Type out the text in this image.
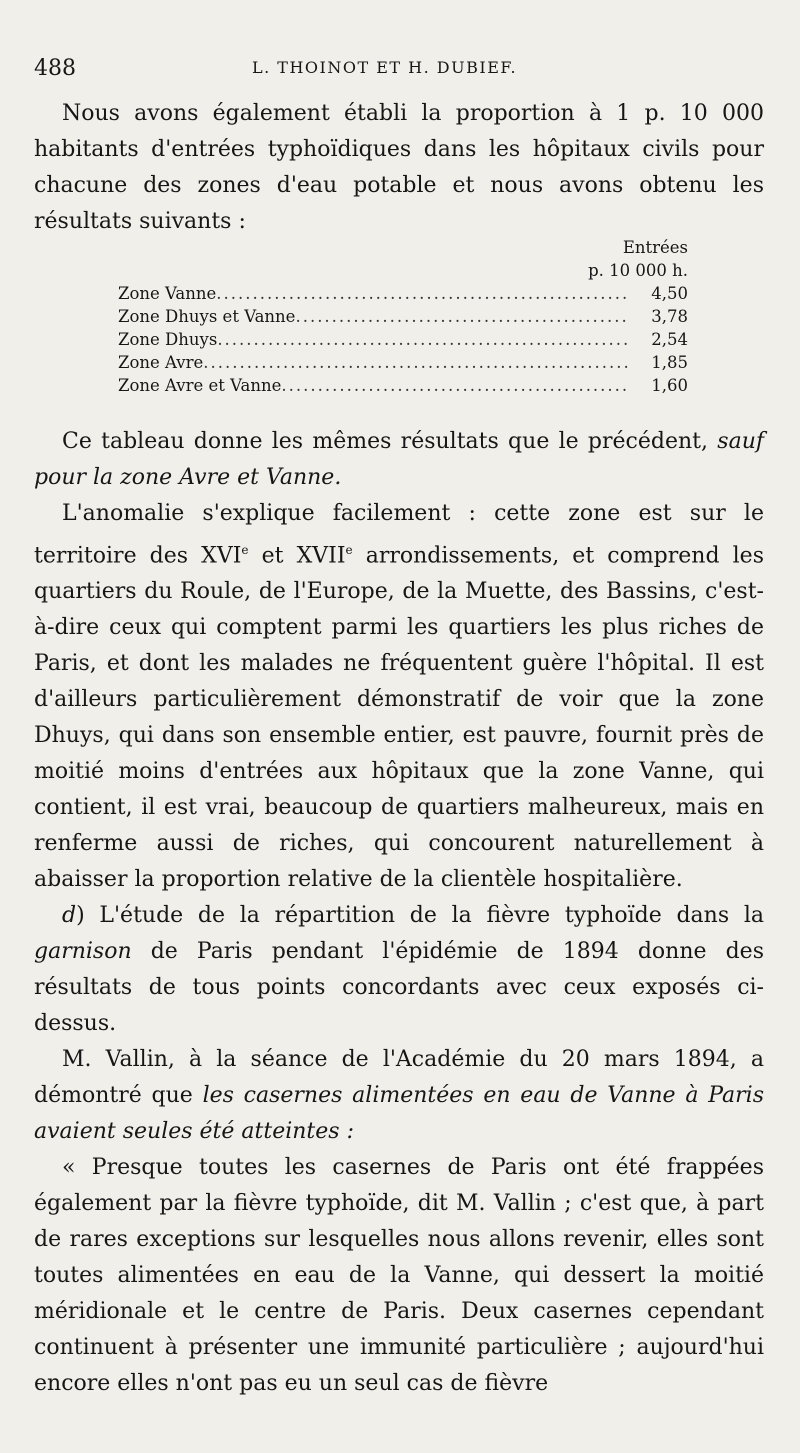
488	L. THOINOT ET H. DUBIEF.

Nous avons également établi la proportion à 1 p. 10 000 habitants d'entrées typhoïdiques dans les hôpitaux civils pour chacune des zones d'eau potable et nous avons obtenu les résultats suivants :

Entrées
p. 10 000 h.
Zone Vanne .....	4,50
Zone Dhuys et Vanne .....	3,78
Zone Dhuys .....	2,54
Zone Avre .....	1,85
Zone Avre et Vanne .....	1,60

Ce tableau donne les mêmes résultats que le précédent, sauf pour la zone Avre et Vanne.

L'anomalie s'explique facilement : cette zone est sur le territoire des XVIe et XVIIe arrondissements, et comprend les quartiers du Roule, de l'Europe, de la Muette, des Bassins, c'est-à-dire ceux qui comptent parmi les quartiers les plus riches de Paris, et dont les malades ne fréquentent guère l'hôpital. Il est d'ailleurs particulièrement démonstratif de voir que la zone Dhuys, qui dans son ensemble entier, est pauvre, fournit près de moitié moins d'entrées aux hôpitaux que la zone Vanne, qui contient, il est vrai, beaucoup de quartiers malheureux, mais en renferme aussi de riches, qui concourent naturellement à abaisser la proportion relative de la clientèle hospitalière.

d) L'étude de la répartition de la fièvre typhoïde dans la garnison de Paris pendant l'épidémie de 1894 donne des résultats de tous points concordants avec ceux exposés ci-dessus.

M. Vallin, à la séance de l'Académie du 20 mars 1894, a démontré que les casernes alimentées en eau de Vanne à Paris avaient seules été atteintes :

« Presque toutes les casernes de Paris ont été frappées également par la fièvre typhoïde, dit M. Vallin ; c'est que, à part de rares exceptions sur lesquelles nous allons revenir, elles sont toutes alimentées en eau de la Vanne, qui dessert la moitié méridionale et le centre de Paris. Deux casernes cependant continuent à présenter une immunité particulière ; aujourd'hui encore elles n'ont pas eu un seul cas de fièvre
